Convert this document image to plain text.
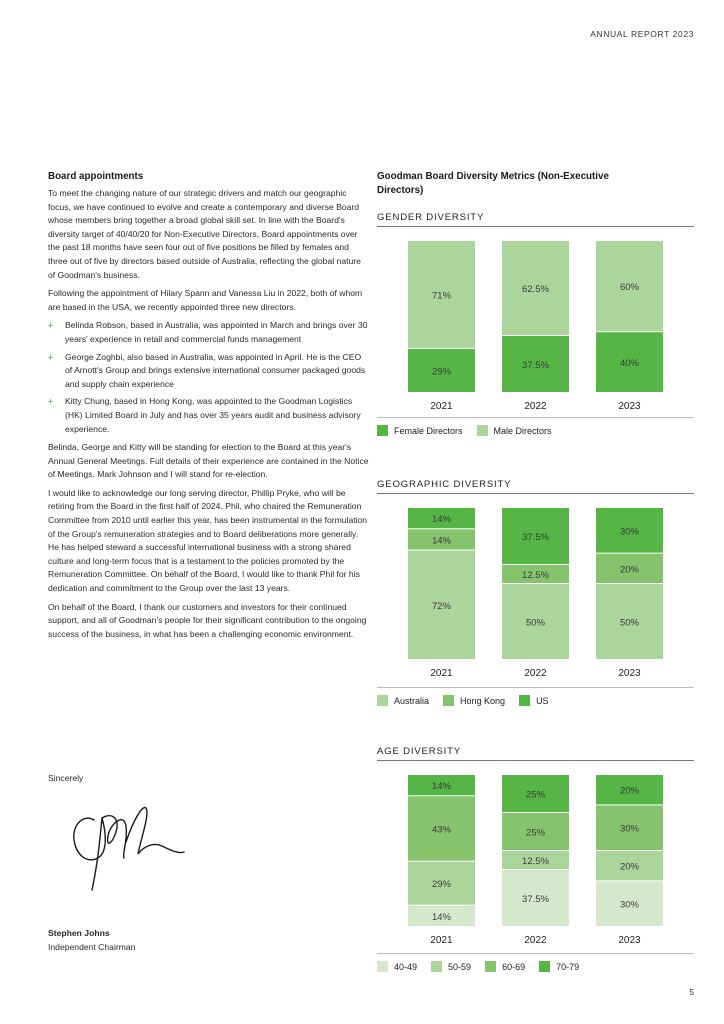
ANNUAL REPORT 2023
Board appointments

To meet the changing nature of our strategic drivers and match our geographic focus, we have continued to evolve and create a contemporary and diverse Board whose members bring together a broad global skill set. In line with the Board's diversity target of 40/40/20 for Non-Executive Directors, Board appointments over the past 18 months have seen four out of five positions be filled by females and three out of five by directors based outside of Australia, reflecting the global nature of Goodman's business.

Following the appointment of Hilary Spann and Vanessa Liu in 2022, both of whom are based in the USA, we recently appointed three new directors.

+ Belinda Robson, based in Australia, was appointed in March and brings over 30 years' experience in retail and commercial funds management
+ George Zoghbi, also based in Australia, was appointed in April. He is the CEO of Arnott's Group and brings extensive international consumer packaged goods and supply chain experience
+ Kitty Chung, based in Hong Kong, was appointed to the Goodman Logistics (HK) Limited Board in July and has over 35 years audit and business advisory experience.

Belinda, George and Kitty will be standing for election to the Board at this year's Annual General Meetings. Full details of their experience are contained in the Notice of Meetings. Mark Johnson and I will stand for re-election.

I would like to acknowledge our long serving director, Phillip Pryke, who will be retiring from the Board in the first half of 2024. Phil, who chaired the Remuneration Committee from 2010 until earlier this year, has been instrumental in the formulation of the Group's remuneration strategies and to Board deliberations more generally. He has helped steward a successful international business with a strong shared culture and long-term focus that is a testament to the policies promoted by the Remuneration Committee. On behalf of the Board, I would like to thank Phil for his dedication and commitment to the Group over the last 13 years.

On behalf of the Board, I thank our customers and investors for their continued support, and all of Goodman's people for their significant contribution to the ongoing success of the business, in what has been a challenging economic environment.

Sincerely
Stephen Johns
Independent Chairman
Goodman Board Diversity Metrics (Non-Executive Directors)
GENDER DIVERSITY
29%
71%
2021
37.5%
62.5%
2022
40%
60%
2023
Female Directors	Male Directors
GEOGRAPHIC DIVERSITY
72%
14%
14%
2021
50%
12.5%
37.5%
2022
50%
20%
30%
2023
Australia	Hong Kong	US
AGE DIVERSITY
14%
29%
43%
14%
2021
37.5%
12.5%
25%
25%
2022
30%
20%
30%
20%
2023
40-49	50-59	60-69	70-79
5
